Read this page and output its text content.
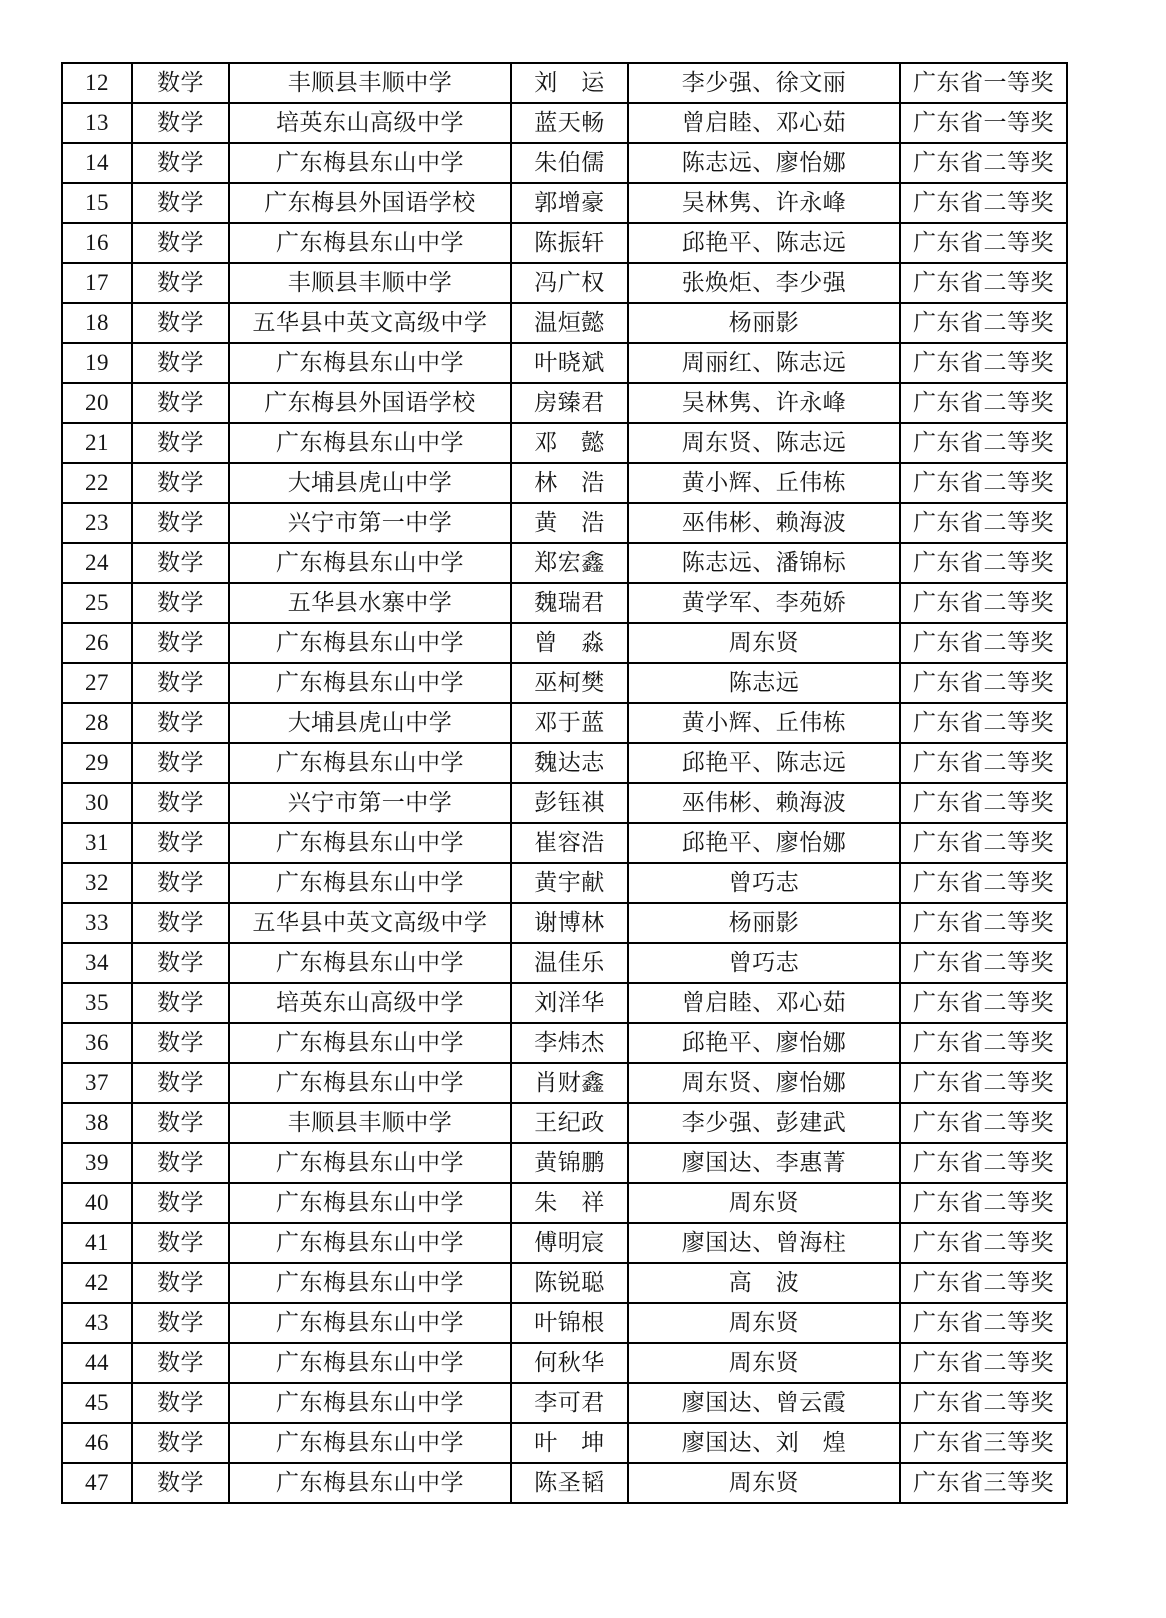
12	数学	丰顺县丰顺中学	刘　运	李少强、徐文丽	广东省一等奖
13	数学	培英东山高级中学	蓝天畅	曾启睦、邓心茹	广东省一等奖
14	数学	广东梅县东山中学	朱伯儒	陈志远、廖怡娜	广东省二等奖
15	数学	广东梅县外国语学校	郭增豪	吴林隽、许永峰	广东省二等奖
16	数学	广东梅县东山中学	陈振轩	邱艳平、陈志远	广东省二等奖
17	数学	丰顺县丰顺中学	冯广权	张焕炬、李少强	广东省二等奖
18	数学	五华县中英文高级中学	温烜懿	杨丽影	广东省二等奖
19	数学	广东梅县东山中学	叶晓斌	周丽红、陈志远	广东省二等奖
20	数学	广东梅县外国语学校	房臻君	吴林隽、许永峰	广东省二等奖
21	数学	广东梅县东山中学	邓　懿	周东贤、陈志远	广东省二等奖
22	数学	大埔县虎山中学	林　浩	黄小辉、丘伟栋	广东省二等奖
23	数学	兴宁市第一中学	黄　浩	巫伟彬、赖海波	广东省二等奖
24	数学	广东梅县东山中学	郑宏鑫	陈志远、潘锦标	广东省二等奖
25	数学	五华县水寨中学	魏瑞君	黄学军、李苑娇	广东省二等奖
26	数学	广东梅县东山中学	曾　淼	周东贤	广东省二等奖
27	数学	广东梅县东山中学	巫柯樊	陈志远	广东省二等奖
28	数学	大埔县虎山中学	邓于蓝	黄小辉、丘伟栋	广东省二等奖
29	数学	广东梅县东山中学	魏达志	邱艳平、陈志远	广东省二等奖
30	数学	兴宁市第一中学	彭钰祺	巫伟彬、赖海波	广东省二等奖
31	数学	广东梅县东山中学	崔容浩	邱艳平、廖怡娜	广东省二等奖
32	数学	广东梅县东山中学	黄宇献	曾巧志	广东省二等奖
33	数学	五华县中英文高级中学	谢博林	杨丽影	广东省二等奖
34	数学	广东梅县东山中学	温佳乐	曾巧志	广东省二等奖
35	数学	培英东山高级中学	刘洋华	曾启睦、邓心茹	广东省二等奖
36	数学	广东梅县东山中学	李炜杰	邱艳平、廖怡娜	广东省二等奖
37	数学	广东梅县东山中学	肖财鑫	周东贤、廖怡娜	广东省二等奖
38	数学	丰顺县丰顺中学	王纪政	李少强、彭建武	广东省二等奖
39	数学	广东梅县东山中学	黄锦鹏	廖国达、李惠菁	广东省二等奖
40	数学	广东梅县东山中学	朱　祥	周东贤	广东省二等奖
41	数学	广东梅县东山中学	傅明宸	廖国达、曾海柱	广东省二等奖
42	数学	广东梅县东山中学	陈锐聪	高　波	广东省二等奖
43	数学	广东梅县东山中学	叶锦根	周东贤	广东省二等奖
44	数学	广东梅县东山中学	何秋华	周东贤	广东省二等奖
45	数学	广东梅县东山中学	李可君	廖国达、曾云霞	广东省二等奖
46	数学	广东梅县东山中学	叶　坤	廖国达、刘　煌	广东省三等奖
47	数学	广东梅县东山中学	陈圣韬	周东贤	广东省三等奖
